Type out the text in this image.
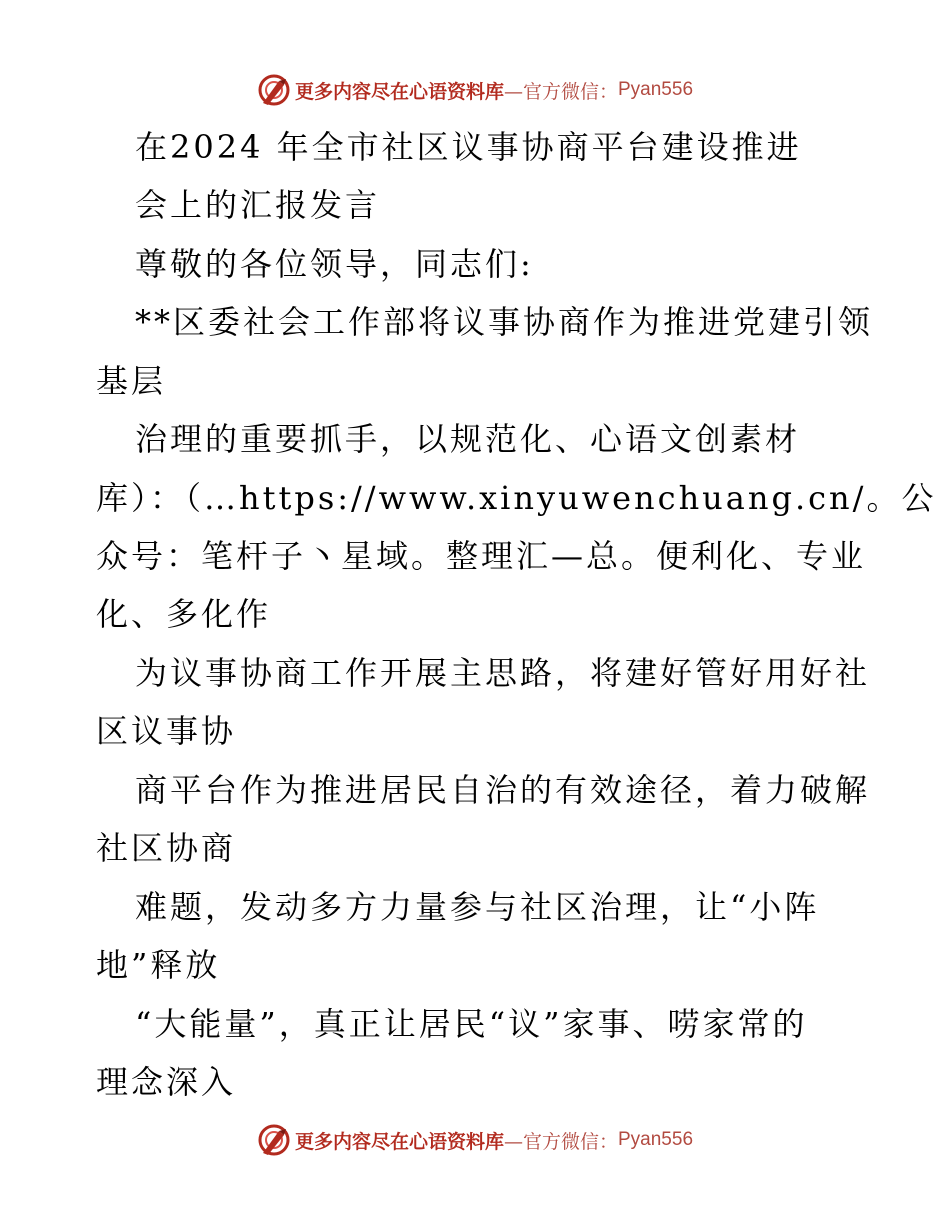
更多内容尽在心语资料库 —官方微信： Pyan556
在2024 年全市社区议事协商平台建设推进
会上的汇报发言
尊敬的各位领导，同志们:
**区委社会工作部将议事协商作为推进党建引领
基层
治理的重要抓手，以规范化、心语文创素材
库）：（…https://www.xinyuwenchuang.cn/。公
众号：笔杆子丶星域。整理汇—总。便利化、专业
化、多化作
为议事协商工作开展主思路，将建好管好用好社
区议事协
商平台作为推进居民自治的有效途径，着力破解
社区协商
难题，发动多方力量参与社区治理，让“小阵
地”释放
“大能量”，真正让居民“议”家事、唠家常的
理念深入
更多内容尽在心语资料库 —官方微信： Pyan556
